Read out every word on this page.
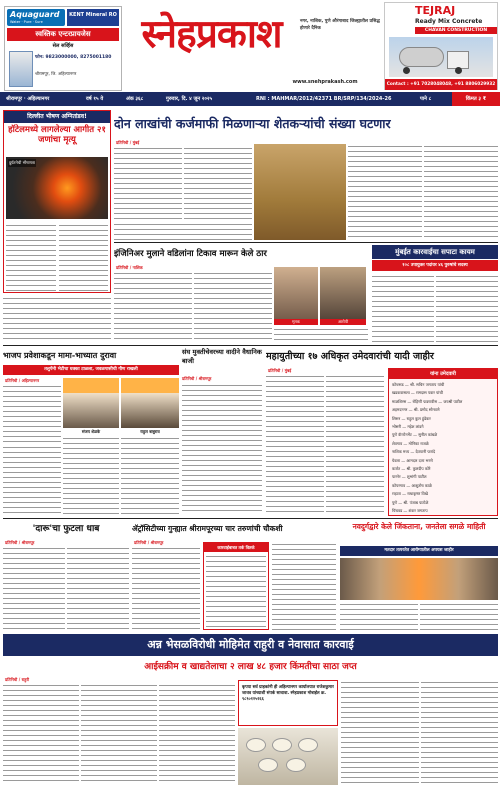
Aquaguard
Water · Pure · Sure
KENT Mineral RO
स्वस्तिक एन्टरप्रायजेस
सेल सर्व्हिस
फोन: 9823000000, 8275001180
श्रीरामपूर, जि. अहिल्यानगर
स्नेहप्रकाश	नगर, नाशिक, पुणे औरंगाबाद जिल्ह्यातील प्रसिद्ध होणारे दैनिक
www.snehprakash.com
TEJRAJ
Ready Mix Concrete
CHAVAN CONSTRUCTION
Contact : +91 7028048048, +91 8806029932
श्रीरामपूर · अहिल्यानगर	वर्ष १५ वे	अंक ३६८	गुरुवार, दि. ४ जून २०२५	RNI : MAHMAR/2012/42371 BR/SRP/134/2024-26	पाने ८	किंमत ३ ₹
दिल्लीत भीषण अग्नितांडव!
हॉटेलमध्ये लागलेल्या आगीत २१ जणांचा मृत्यू
दुर्घटनेची भीषणता
दोन लाखांची कर्जमाफी मिळणाऱ्या शेतकऱ्यांची संख्या घटणार
प्रतिनिधी / मुंबई
इंजिनिअर मुलाने वडिलांना टिकाव मारून केले ठार
प्रतिनिधी / नाशिक
मृतक	आरोपी
मुंबईत कारवाईचा सपाटा कायम
१०८ उपायुक्त पदांवर ४६ पुरुषांचे सदस्य
भाजप प्रवेशाकडून मामा-भाच्यात दुरावा
तलुपेंनी भेटीचा धक्का टाळला, जवळपासीची गौण राखली
प्रतिनिधी / अहिल्यानगर
संजय शेळके	राहुल बाबुराव
संघ मुक्तीचेवरच्या वादीने वैधानिक बाजी
प्रतिनिधी / श्रीरामपूर
महायुतीच्या १७ अधिकृत उमेदवारांची यादी जाहीर
प्रतिनिधी / मुंबई
यांना उमेदवारी
कोथरूड — श्री. सचिन जगताप यांची
खडकवासला — रामदास पवार यांची
माळशिरस — रोहिणी फडणवीस — जयश्री पाटील
अहमदनगर — श्री. प्रमोद सोनवणे
शिरूर — राहुल कुल हुंडेकर
भोसरी — महेश लांडगे
पुणे कॅन्टोनमेंट — सुनील कांबळे
शेवगाव — मोनिका राजळे
नाशिक मध्य — देवयानी फरांदे
येवला — आमदार दत्ता भरणे
कर्जत — श्री. कुलदीप कोरे
पारनेर — शुभांगी पाटील
कोपरगाव — आशुतोष काळे
राहाता — राधाकृष्ण विखे
पुणे — श्री. पंजाब पाटोळे
चिंचवड — शंकर जगताप
'दारू'चा फुटला धाब
प्रतिनिधी / श्रीरामपूर
ॲट्रॉसिटीच्या गुन्ह्यात श्रीरामपूरच्या चार तरुणांची चौकशी
प्रतिनिधी / श्रीरामपूर
कारवाईबाबत तर्क वितर्क
नवदुर्गद्वारे केले जिंकताना, जनतेला सगळे माहिती
मतदार तत्परतेत आरोग्यातील अपयश जाहीर
अन्न भेसळविरोधी मोहिमेत राहुरी व नेवासात कारवाई
आईसक्रीम व खाद्यतेलाचा २ लाख ४८ हजार किंमतीचा साठा जप्त
प्रतिनिधी / राहुरी
कृपया सर्व ग्राहकांनी ही अहिल्यानगर कार्यालयात राजेशकुमार जाधव यांच्याशी संपर्क साधावा. स्नेहप्रकाश मोबाईल क्र. ९८९०१२५२६६
